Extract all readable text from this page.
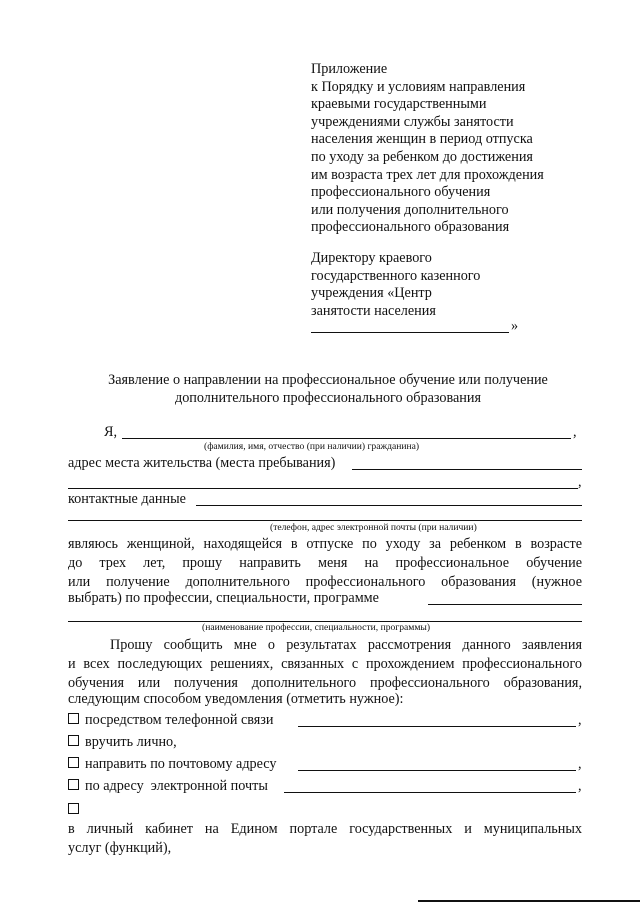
Приложение
к Порядку и условиям направления
краевыми государственными
учреждениями службы занятости
населения женщин в период отпуска
по уходу за ребенком до достижения
им возраста трех лет для прохождения
профессионального обучения
или получения дополнительного
профессионального образования
Директору краевого
государственного казенного
учреждения «Центр
занятости населения
»
Заявление о направлении на профессиональное обучение или получение
дополнительного профессионального образования
Я,	,
(фамилия, имя, отчество (при наличии) гражданина)
адрес места жительства (места пребывания)
,
контактные данные
(телефон, адрес электронной почты (при наличии)
являюсь женщиной, находящейся в отпуске по уходу за ребенком в возрасте
до трех лет, прошу направить меня на профессиональное обучение
или получение дополнительного профессионального образования (нужное
выбрать) по профессии, специальности, программе
(наименование профессии, специальности, программы)
Прошу сообщить мне о результатах рассмотрения данного заявления
и всех последующих решениях, связанных с прохождением профессионального
обучения или получения дополнительного профессионального образования,
следующим способом уведомления (отметить нужное):
посредством телефонной связи	,
вручить лично,
направить по почтовому адресу	,
по адресу  электронной почты	,
в личный кабинет на Едином портале государственных и муниципальных
услуг (функций),
